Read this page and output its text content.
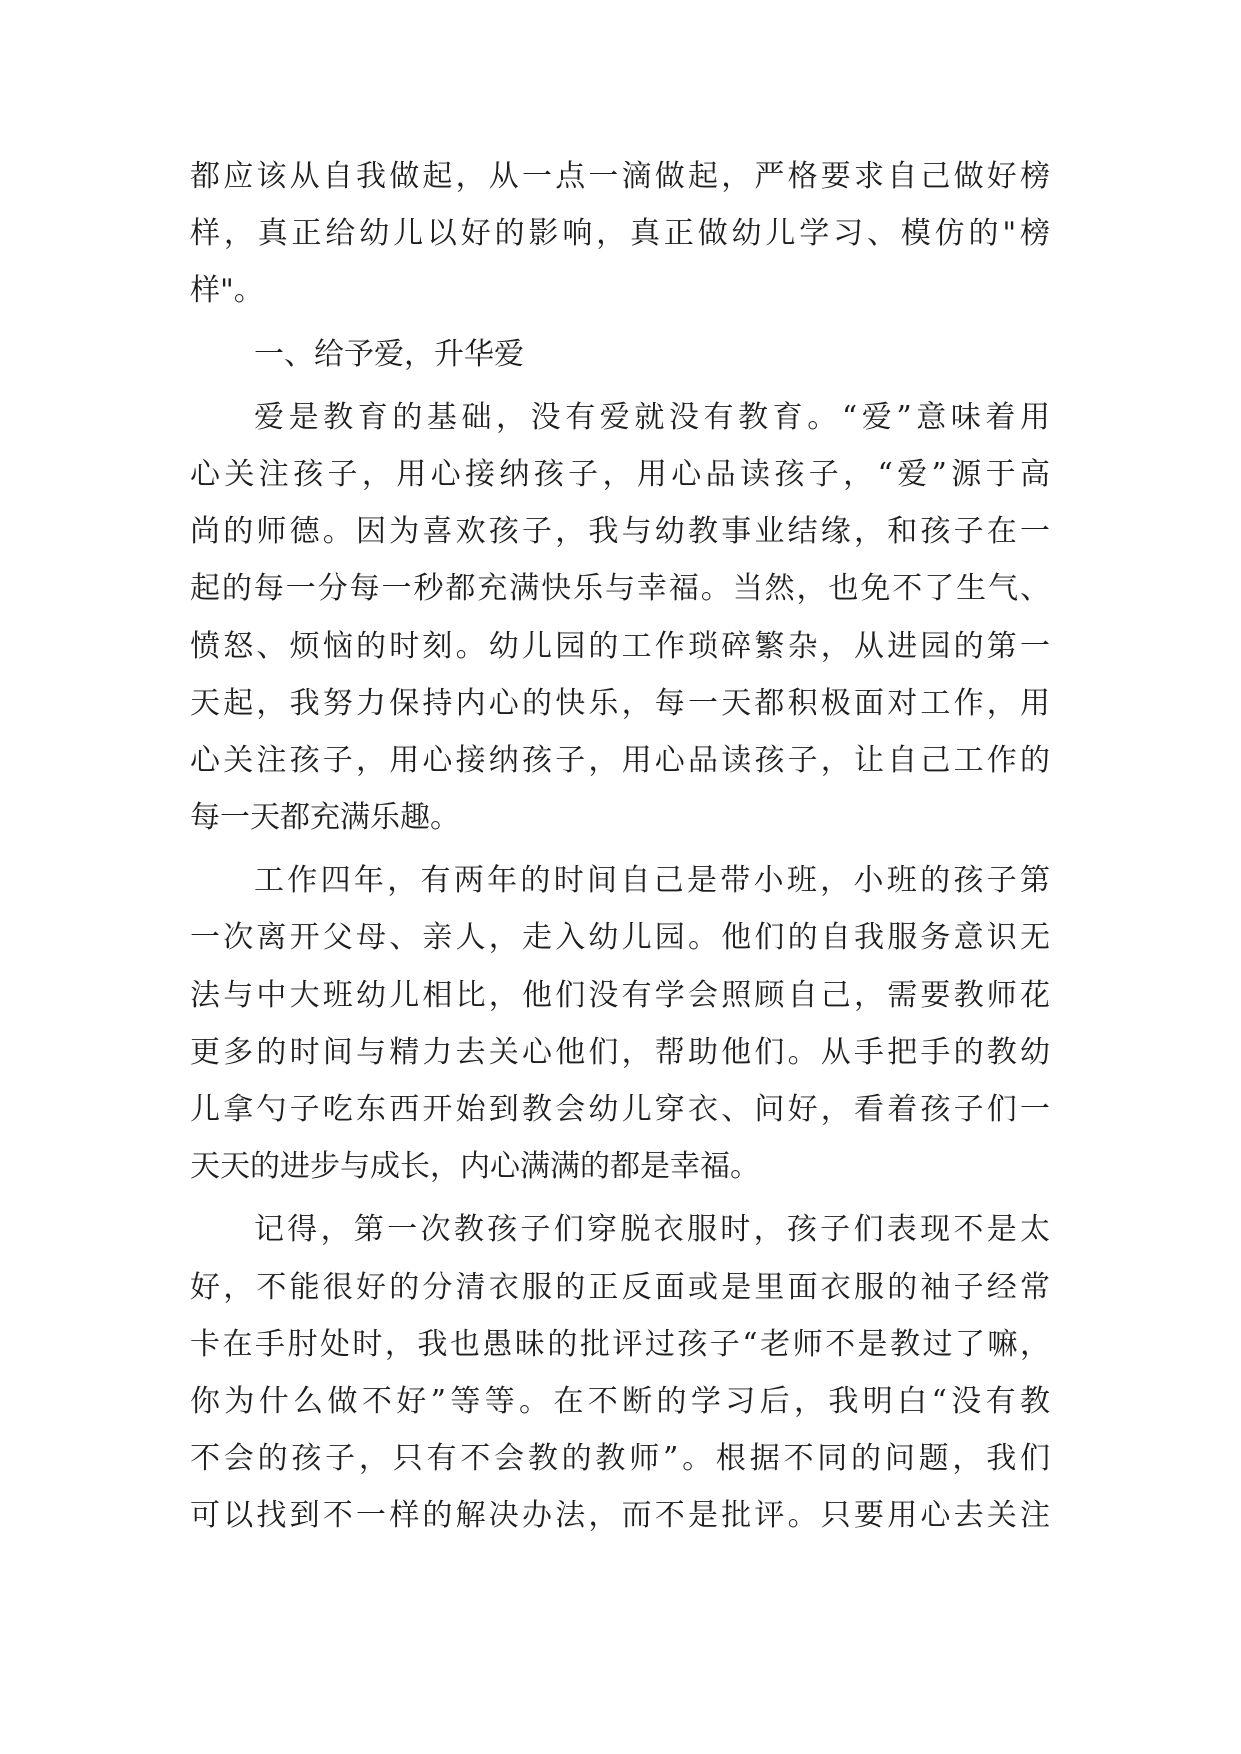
都应该从自我做起，从一点一滴做起，严格要求自己做好榜
样，真正给幼儿以好的影响，真正做幼儿学习、模仿的"榜
样"。
一、给予爱，升华爱
爱是教育的基础，没有爱就没有教育。“爱”意味着用
心关注孩子，用心接纳孩子，用心品读孩子，“爱”源于高
尚的师德。因为喜欢孩子，我与幼教事业结缘，和孩子在一
起的每一分每一秒都充满快乐与幸福。当然，也免不了生气、
愤怒、烦恼的时刻。幼儿园的工作琐碎繁杂，从进园的第一
天起，我努力保持内心的快乐，每一天都积极面对工作，用
心关注孩子，用心接纳孩子，用心品读孩子，让自己工作的
每一天都充满乐趣。
工作四年，有两年的时间自己是带小班，小班的孩子第
一次离开父母、亲人，走入幼儿园。他们的自我服务意识无
法与中大班幼儿相比，他们没有学会照顾自己，需要教师花
更多的时间与精力去关心他们，帮助他们。从手把手的教幼
儿拿勺子吃东西开始到教会幼儿穿衣、问好，看着孩子们一
天天的进步与成长，内心满满的都是幸福。
记得，第一次教孩子们穿脱衣服时，孩子们表现不是太
好，不能很好的分清衣服的正反面或是里面衣服的袖子经常
卡在手肘处时，我也愚昧的批评过孩子“老师不是教过了嘛，
你为什么做不好”等等。在不断的学习后，我明白“没有教
不会的孩子，只有不会教的教师”。根据不同的问题，我们
可以找到不一样的解决办法，而不是批评。只要用心去关注
